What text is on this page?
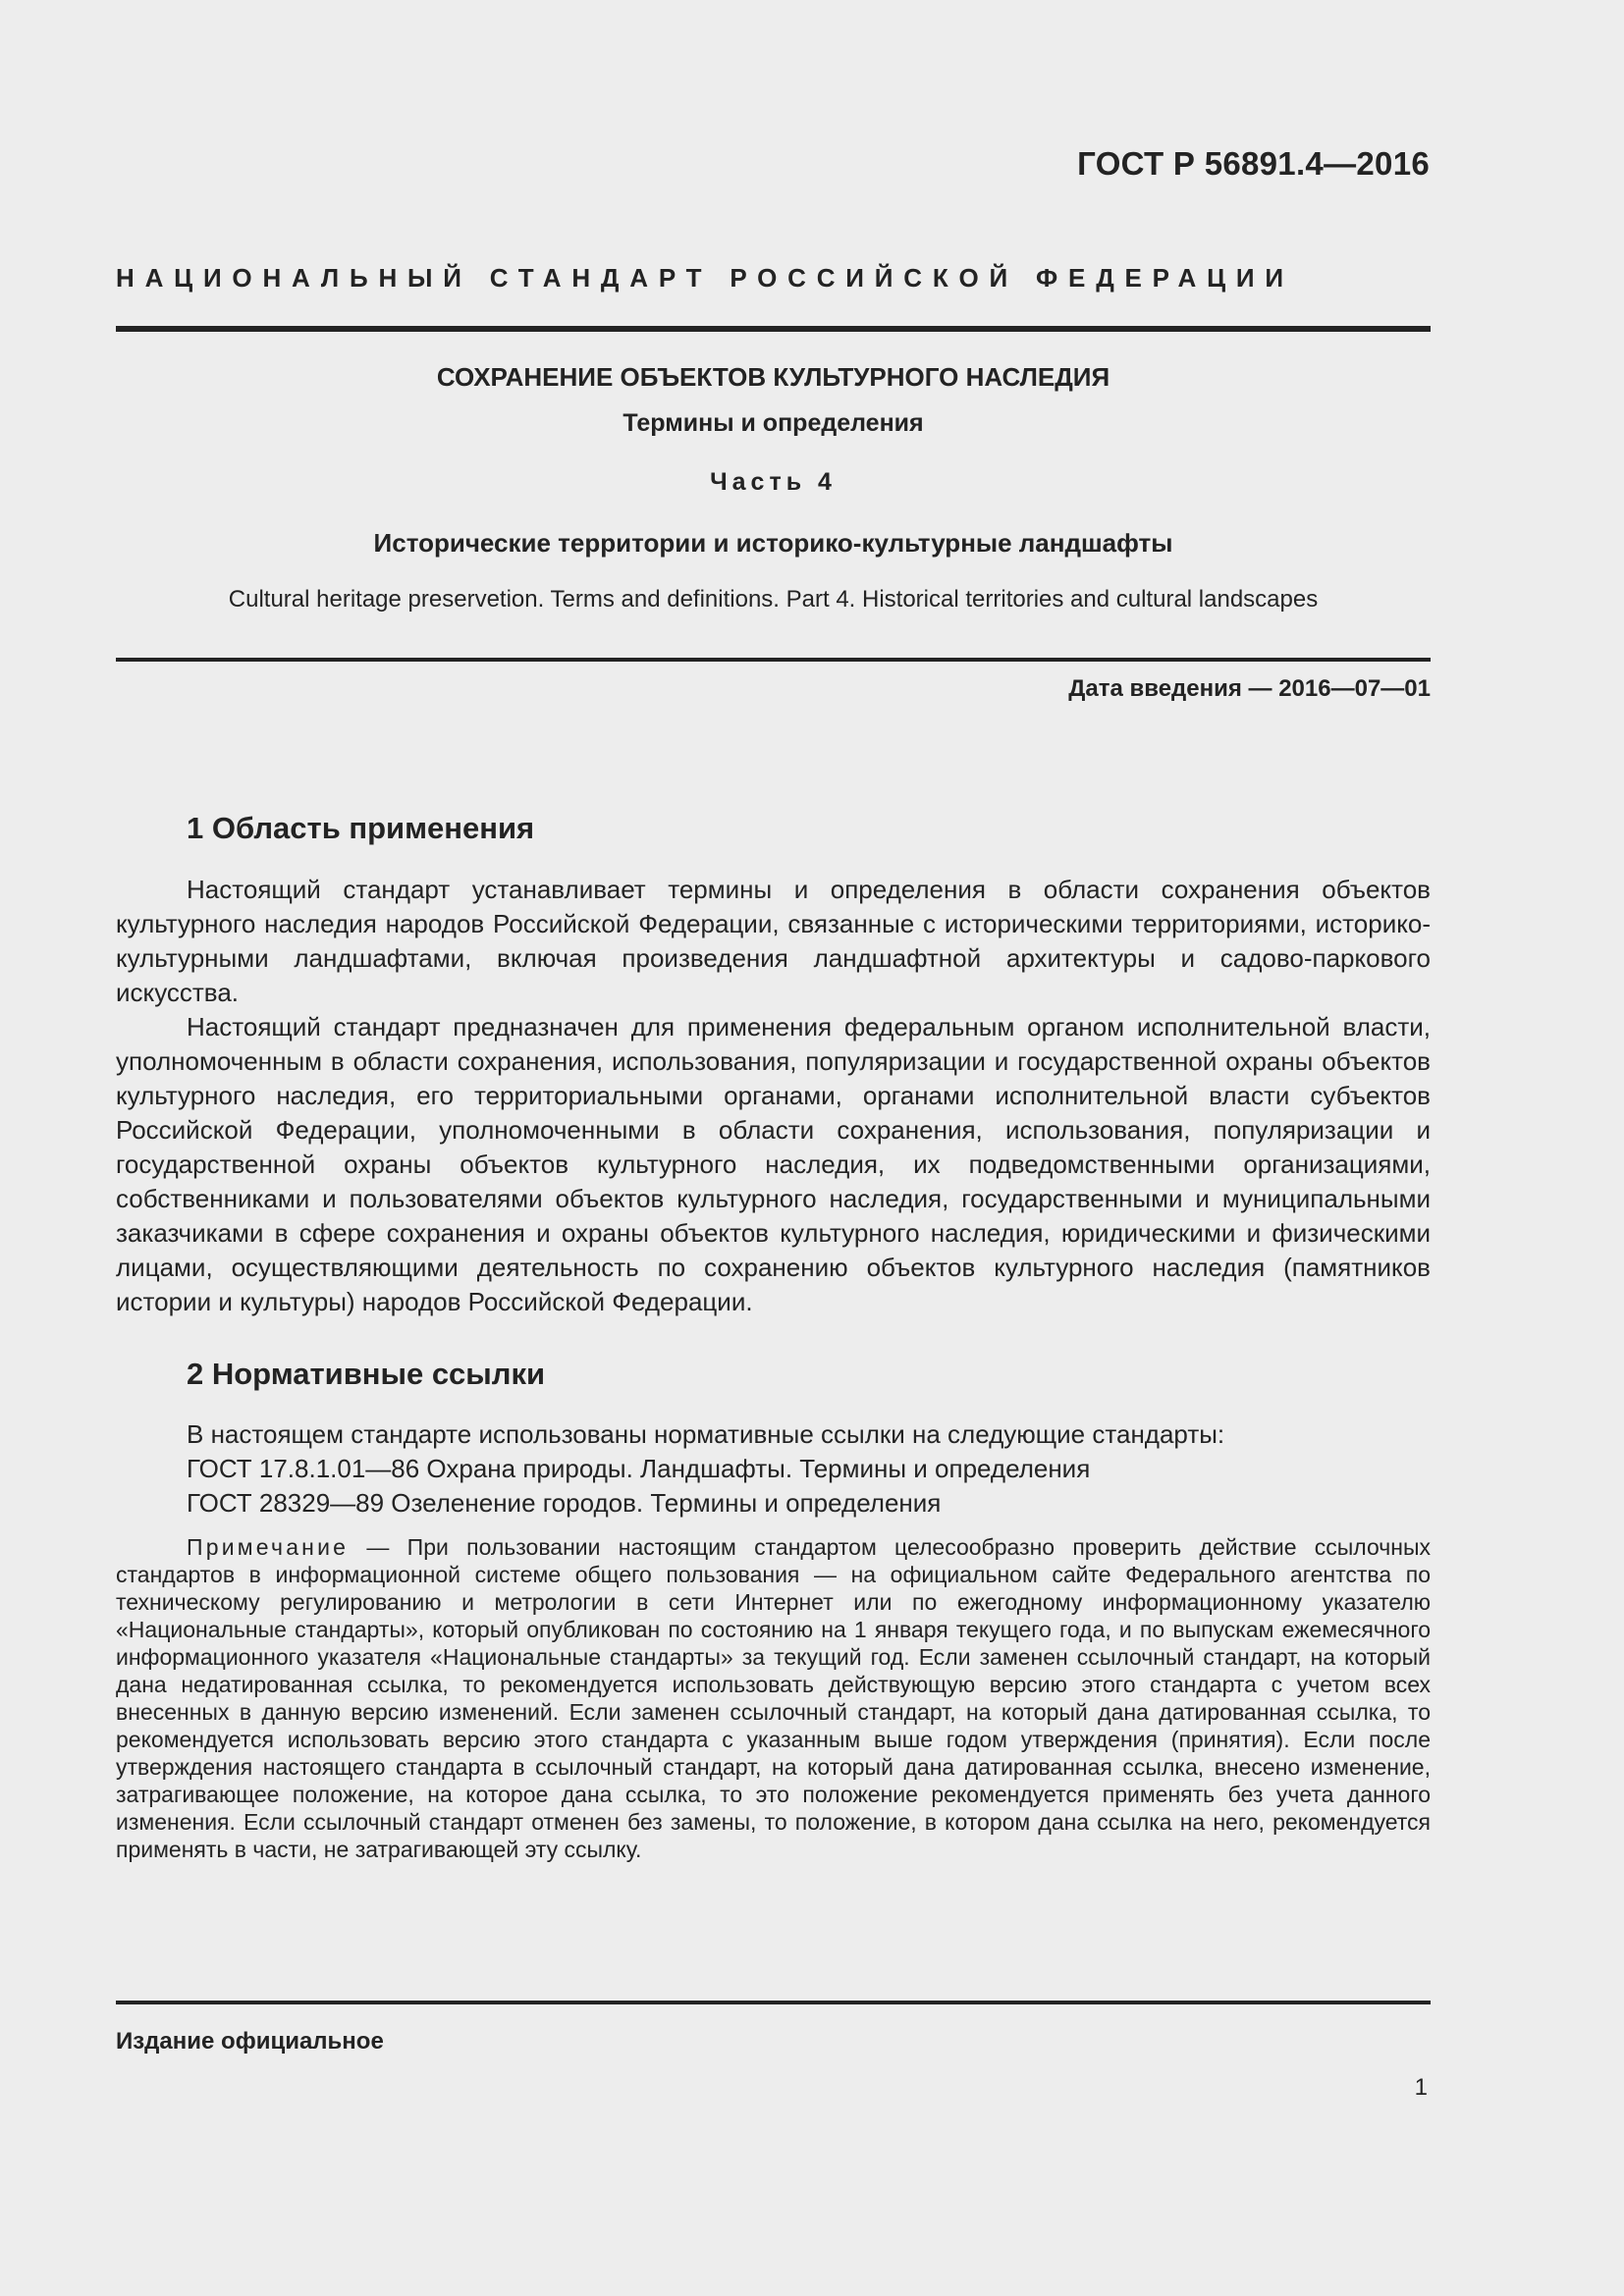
ГОСТ Р 56891.4—2016
НАЦИОНАЛЬНЫЙ СТАНДАРТ РОССИЙСКОЙ ФЕДЕРАЦИИ
СОХРАНЕНИЕ ОБЪЕКТОВ КУЛЬТУРНОГО НАСЛЕДИЯ
Термины и определения
Часть 4
Исторические территории и историко-культурные ландшафты
Cultural heritage preservetion. Terms and definitions. Part 4. Historical territories and cultural landscapes
Дата введения — 2016—07—01
1 Область применения

Настоящий стандарт устанавливает термины и определения в области сохранения объектов культурного наследия народов Российской Федерации, связанные с историческими территориями, историко-культурными ландшафтами, включая произведения ландшафтной архитектуры и садово-паркового искусства.

Настоящий стандарт предназначен для применения федеральным органом исполнительной власти, уполномоченным в области сохранения, использования, популяризации и государственной охраны объектов культурного наследия, его территориальными органами, органами исполнительной власти субъектов Российской Федерации, уполномоченными в области сохранения, использования, популяризации и государственной охраны объектов культурного наследия, их подведомственными организациями, собственниками и пользователями объектов культурного наследия, государственными и муниципальными заказчиками в сфере сохранения и охраны объектов культурного наследия, юридическими и физическими лицами, осуществляющими деятельность по сохранению объектов культурного наследия (памятников истории и культуры) народов Российской Федерации.

2 Нормативные ссылки
В настоящем стандарте использованы нормативные ссылки на следующие стандарты:
ГОСТ 17.8.1.01—86 Охрана природы. Ландшафты. Термины и определения
ГОСТ 28329—89 Озеленение городов. Термины и определения
Примечание — При пользовании настоящим стандартом целесообразно проверить действие ссылочных стандартов в информационной системе общего пользования — на официальном сайте Федерального агентства по техническому регулированию и метрологии в сети Интернет или по ежегодному информационному указателю «Национальные стандарты», который опубликован по состоянию на 1 января текущего года, и по выпускам ежемесячного информационного указателя «Национальные стандарты» за текущий год. Если заменен ссылочный стандарт, на который дана недатированная ссылка, то рекомендуется использовать действующую версию этого стандарта с учетом всех внесенных в данную версию изменений. Если заменен ссылочный стандарт, на который дана датированная ссылка, то рекомендуется использовать версию этого стандарта с указанным выше годом утверждения (принятия). Если после утверждения настоящего стандарта в ссылочный стандарт, на который дана датированная ссылка, внесено изменение, затрагивающее положение, на которое дана ссылка, то это положение рекомендуется применять без учета данного изменения. Если ссылочный стандарт отменен без замены, то положение, в котором дана ссылка на него, рекомендуется применять в части, не затрагивающей эту ссылку.
Издание официальное
1
